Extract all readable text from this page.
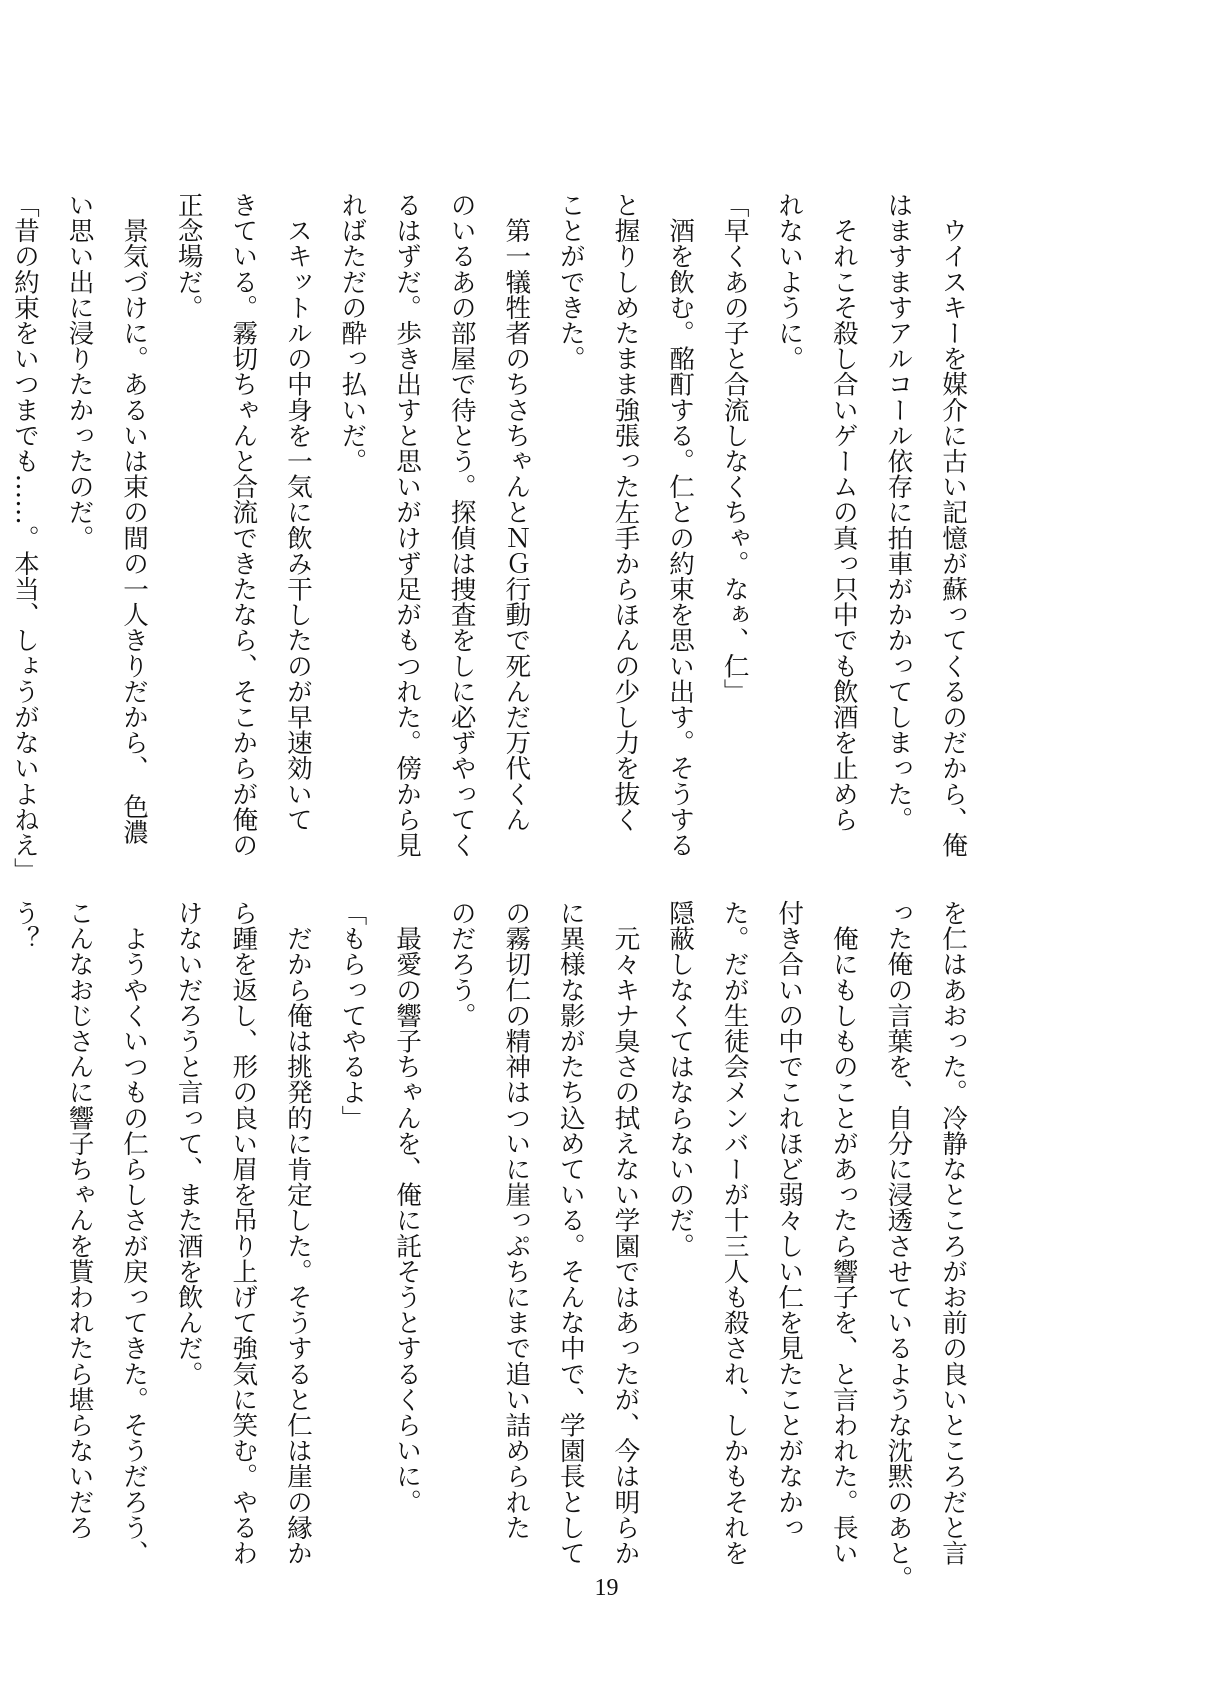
　ウイスキーを媒介に古い記憶が蘇ってくるのだから、俺
はますますアルコール依存に拍車がかかってしまった。
　それこそ殺し合いゲームの真っ只中でも飲酒を止めら
れないように。
「早くあの子と合流しなくちゃ。なぁ、仁」
　酒を飲む。酩酊する。仁との約束を思い出す。そうする
と握りしめたまま強張った左手からほんの少し力を抜く
ことができた。
　第一犠牲者のちさちゃんとＮＧ行動で死んだ万代くん
のいるあの部屋で待とう。探偵は捜査をしに必ずやってく
るはずだ。歩き出すと思いがけず足がもつれた。傍から見
ればただの酔っ払いだ。
　スキットルの中身を一気に飲み干したのが早速効いて
きている。霧切ちゃんと合流できたなら、そこからが俺の
正念場だ。
　景気づけに。あるいは束の間の一人きりだから、　色濃
い思い出に浸りたかったのだ。
「昔の約束をいつまでも……。本当、しょうがないよねえ」
を仁はあおった。冷静なところがお前の良いところだと言
った俺の言葉を、自分に浸透させているような沈黙のあと。
　俺にもしものことがあったら響子を、と言われた。長い
付き合いの中でこれほど弱々しい仁を見たことがなかっ
た。だが生徒会メンバーが十三人も殺され、しかもそれを
隠蔽しなくてはならないのだ。
　元々キナ臭さの拭えない学園ではあったが、今は明らか
に異様な影がたち込めている。そんな中で、学園長として
の霧切仁の精神はついに崖っぷちにまで追い詰められた
のだろう。
　最愛の響子ちゃんを、俺に託そうとするくらいに。
「もらってやるよ」
　だから俺は挑発的に肯定した。そうすると仁は崖の縁か
ら踵を返し、形の良い眉を吊り上げて強気に笑む。やるわ
けないだろうと言って、また酒を飲んだ。
　ようやくいつもの仁らしさが戻ってきた。そうだろう、
こんなおじさんに響子ちゃんを貰われたら堪らないだろ
う？
19
